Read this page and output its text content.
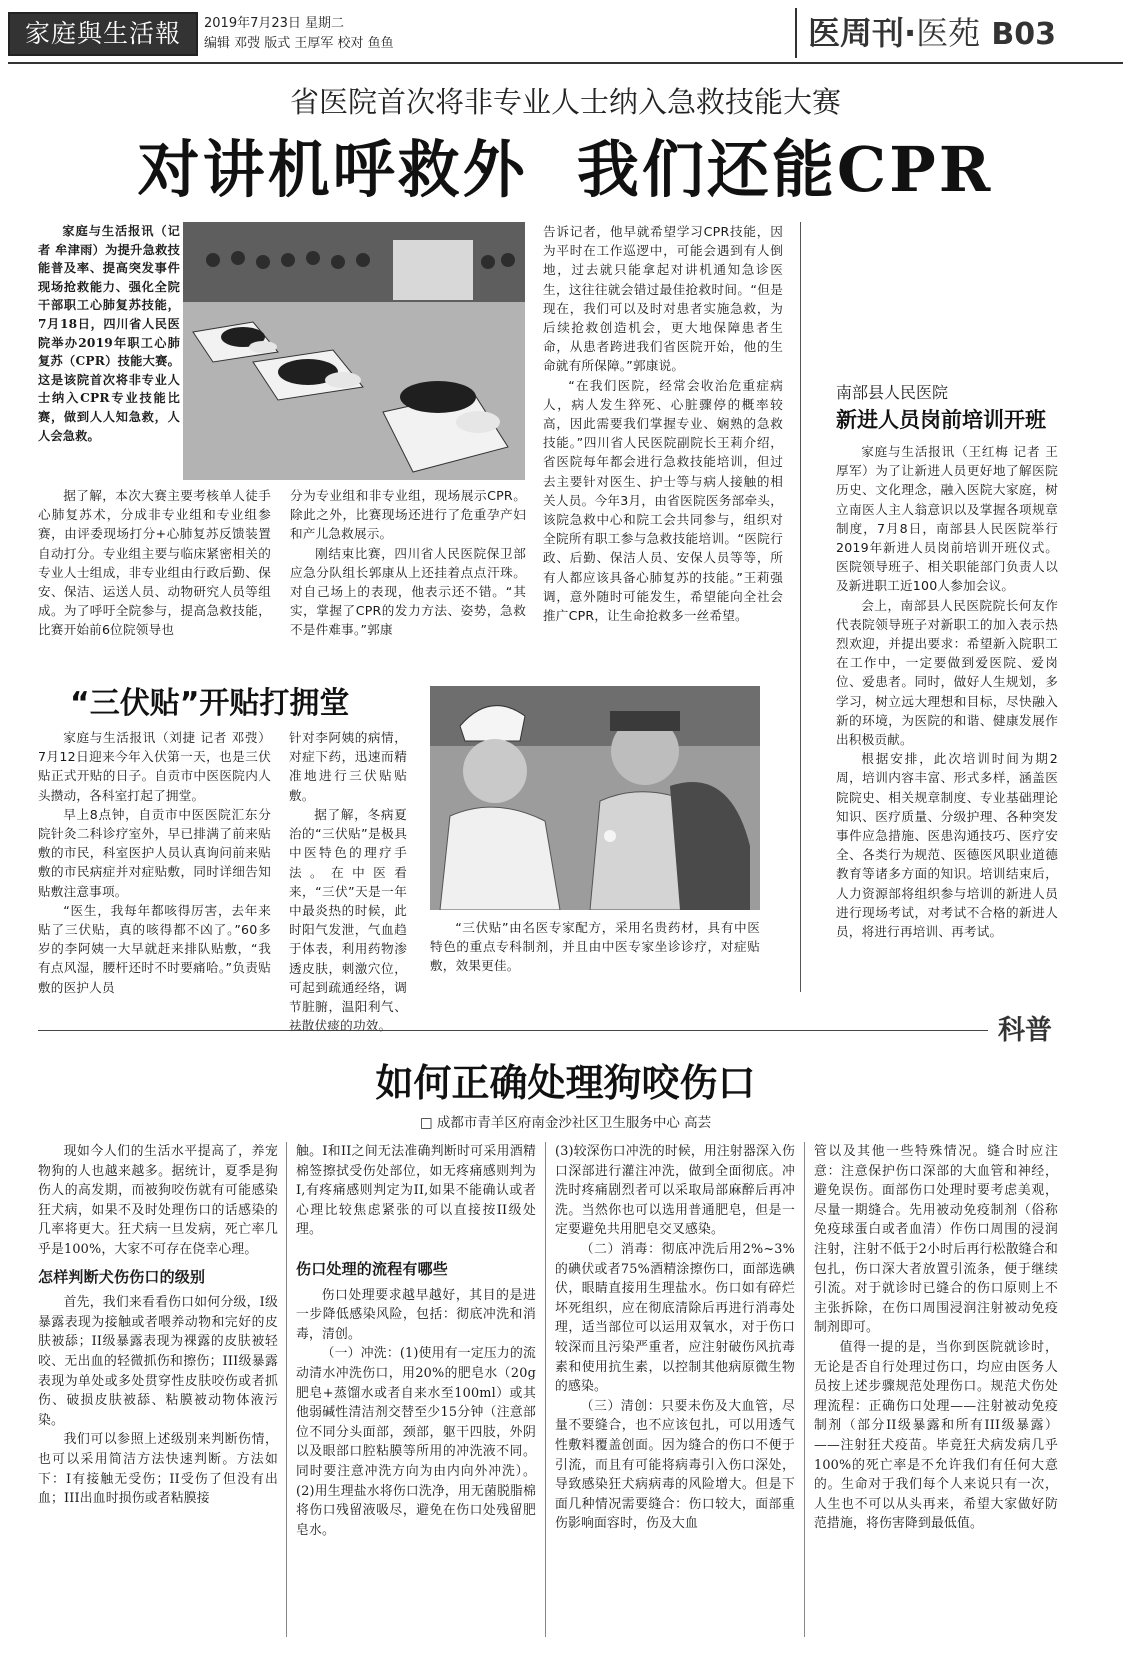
家庭與生活報	2019年7月23日 星期二
编辑 邓弢 版式 王厚军 校对 鱼鱼	医周刊·医苑 B03
省医院首次将非专业人士纳入急救技能大赛
对讲机呼救外  我们还能CPR

家庭与生活报讯（记者 牟津雨）为提升急救技能普及率、提高突发事件现场抢救能力、强化全院干部职工心肺复苏技能，7月18日，四川省人民医院举办2019年职工心肺复苏（CPR）技能大赛。这是该院首次将非专业人士纳入CPR专业技能比赛，做到人人知急救，人人会急救。

据了解，本次大赛主要考核单人徒手心肺复苏术，分成非专业组和专业组参赛，由评委现场打分+心肺复苏反馈装置自动打分。专业组主要与临床紧密相关的专业人士组成，非专业组由行政后勤、保安、保洁、运送人员、动物研究人员等组成。为了呼吁全院参与，提高急救技能，比赛开始前6位院领导也

分为专业组和非专业组，现场展示CPR。除此之外，比赛现场还进行了危重孕产妇和产儿急救展示。

刚结束比赛，四川省人民医院保卫部应急分队组长郭康从上还挂着点点汗珠。对自己场上的表现，他表示还不错。“其实，掌握了CPR的发力方法、姿势，急救不是件难事。”郭康

告诉记者，他早就希望学习CPR技能，因为平时在工作巡逻中，可能会遇到有人倒地，过去就只能拿起对讲机通知急诊医生，这往往就会错过最佳抢救时间。“但是现在，我们可以及时对患者实施急救，为后续抢救创造机会，更大地保障患者生命，从患者跨进我们省医院开始，他的生命就有所保障。”郭康说。

“在我们医院，经常会收治危重症病人，病人发生猝死、心脏骤停的概率较高，因此需要我们掌握专业、娴熟的急救技能。”四川省人民医院副院长王莉介绍，省医院每年都会进行急救技能培训，但过去主要针对医生、护士等与病人接触的相关人员。今年3月，由省医院医务部牵头，该院急救中心和院工会共同参与，组织对全院所有职工参与急救技能培训。“医院行政、后勤、保洁人员、安保人员等等，所有人都应该具备心肺复苏的技能。”王莉强调，意外随时可能发生，希望能向全社会推广CPR，让生命抢救多一丝希望。

南部县人民医院
新进人员岗前培训开班

家庭与生活报讯（王红梅 记者 王厚军）为了让新进人员更好地了解医院历史、文化理念，融入医院大家庭，树立南医人主人翁意识以及掌握各项规章制度，7月8日，南部县人民医院举行2019年新进人员岗前培训开班仪式。医院领导班子、相关职能部门负责人以及新进职工近100人参加会议。

会上，南部县人民医院院长何友作代表院领导班子对新职工的加入表示热烈欢迎，并提出要求：希望新入院职工在工作中，一定要做到爱医院、爱岗位、爱患者。同时，做好人生规划，多学习，树立远大理想和目标，尽快融入新的环境，为医院的和谐、健康发展作出积极贡献。

根据安排，此次培训时间为期2周，培训内容丰富、形式多样，涵盖医院院史、相关规章制度、专业基础理论知识、医疗质量、分级护理、各种突发事件应急措施、医患沟通技巧、医疗安全、各类行为规范、医德医风职业道德教育等诸多方面的知识。培训结束后，人力资源部将组织参与培训的新进人员进行现场考试，对考试不合格的新进人员，将进行再培训、再考试。

“三伏贴”开贴打拥堂

家庭与生活报讯（刘捷 记者 邓弢）7月12日迎来今年入伏第一天，也是三伏贴正式开贴的日子。自贡市中医医院内人头攒动，各科室打起了拥堂。

早上8点钟，自贡市中医医院汇东分院针灸二科诊疗室外，早已排满了前来贴敷的市民，科室医护人员认真询问前来贴敷的市民病症并对症贴敷，同时详细告知贴敷注意事项。

“医生，我每年都咳得厉害，去年来贴了三伏贴，真的咳得都不凶了。”60多岁的李阿姨一大早就赶来排队贴敷，“我有点风湿，腰杆还时不时要痛哈。”负责贴敷的医护人员

针对李阿姨的病情，对症下药，迅速而精准地进行三伏贴贴敷。

据了解，冬病夏治的“三伏贴”是极具中医特色的理疗手法。在中医看来，“三伏”天是一年中最炎热的时候，此时阳气发泄，气血趋于体表，利用药物渗透皮肤，刺激穴位，可起到疏通经络，调节脏腑，温阳利气、祛散伏痰的功效。

“三伏贴”由名医专家配方，采用名贵药材，具有中医特色的重点专科制剂，并且由中医专家坐诊诊疗，对症贴敷，效果更佳。

科普
如何正确处理狗咬伤口
□ 成都市青羊区府南金沙社区卫生服务中心 高芸

现如今人们的生活水平提高了，养宠物狗的人也越来越多。据统计，夏季是狗伤人的高发期，而被狗咬伤就有可能感染狂犬病，如果不及时处理伤口的话感染的几率将更大。狂犬病一旦发病，死亡率几乎是100%，大家不可存在侥幸心理。

怎样判断犬伤伤口的级别

首先，我们来看看伤口如何分级，I级暴露表现为接触或者喂养动物和完好的皮肤被舔；II级暴露表现为裸露的皮肤被轻咬、无出血的轻微抓伤和擦伤；III级暴露表现为单处或多处贯穿性皮肤咬伤或者抓伤、破损皮肤被舔、粘膜被动物体液污染。

我们可以参照上述级别来判断伤情，也可以采用简洁方法快速判断。方法如下：I有接触无受伤；II受伤了但没有出血；III出血时损伤或者粘膜接

触。I和II之间无法准确判断时可采用酒精棉签擦拭受伤处部位，如无疼痛感则判为I,有疼痛感则判定为II,如果不能确认或者心理比较焦虑紧张的可以直接按II级处理。

伤口处理的流程有哪些

伤口处理要求越早越好，其目的是进一步降低感染风险，包括：彻底冲洗和消毒，清创。

（一）冲洗：(1)使用有一定压力的流动清水冲洗伤口，用20%的肥皂水（20g肥皂+蒸馏水或者自来水至100ml）或其他弱碱性清洁剂交替至少15分钟（注意部位不同分头面部，颈部，躯干四肢，外阴以及眼部口腔粘膜等所用的冲洗液不同。同时要注意冲洗方向为由内向外冲洗）。(2)用生理盐水将伤口洗净，用无菌脱脂棉将伤口残留液吸尽，避免在伤口处残留肥皂水。

(3)较深伤口冲洗的时候，用注射器深入伤口深部进行灌注冲洗，做到全面彻底。冲洗时疼痛剧烈者可以采取局部麻醉后再冲洗。当然你也可以选用普通肥皂，但是一定要避免共用肥皂交叉感染。

（二）消毒：彻底冲洗后用2%~3%的碘伏或者75%酒精涂擦伤口，面部选碘伏，眼睛直接用生理盐水。伤口如有碎烂坏死组织，应在彻底清除后再进行消毒处理，适当部位可以运用双氧水，对于伤口较深而且污染严重者，应注射破伤风抗毒素和使用抗生素，以控制其他病原微生物的感染。

（三）清创：只要未伤及大血管，尽量不要缝合，也不应该包扎，可以用透气性敷料覆盖创面。因为缝合的伤口不便于引流，而且有可能将病毒引入伤口深处，导致感染狂犬病病毒的风险增大。但是下面几种情况需要缝合：伤口较大，面部重伤影响面容时，伤及大血

管以及其他一些特殊情况。缝合时应注意：注意保护伤口深部的大血管和神经，避免误伤。面部伤口处理时要考虑美观，尽量一期缝合。先用被动免疫制剂（俗称免疫球蛋白或者血清）作伤口周围的浸润注射，注射不低于2小时后再行松散缝合和包扎，伤口深大者放置引流条，便于继续引流。对于就诊时已缝合的伤口原则上不主张拆除，在伤口周围浸润注射被动免疫制剂即可。

值得一提的是，当你到医院就诊时，无论是否自行处理过伤口，均应由医务人员按上述步骤规范处理伤口。规范犬伤处理流程：正确伤口处理——注射被动免疫制剂（部分II级暴露和所有III级暴露）——注射狂犬疫苗。毕竟狂犬病发病几乎100%的死亡率是不允许我们有任何大意的。生命对于我们每个人来说只有一次，人生也不可以从头再来，希望大家做好防范措施，将伤害降到最低值。
